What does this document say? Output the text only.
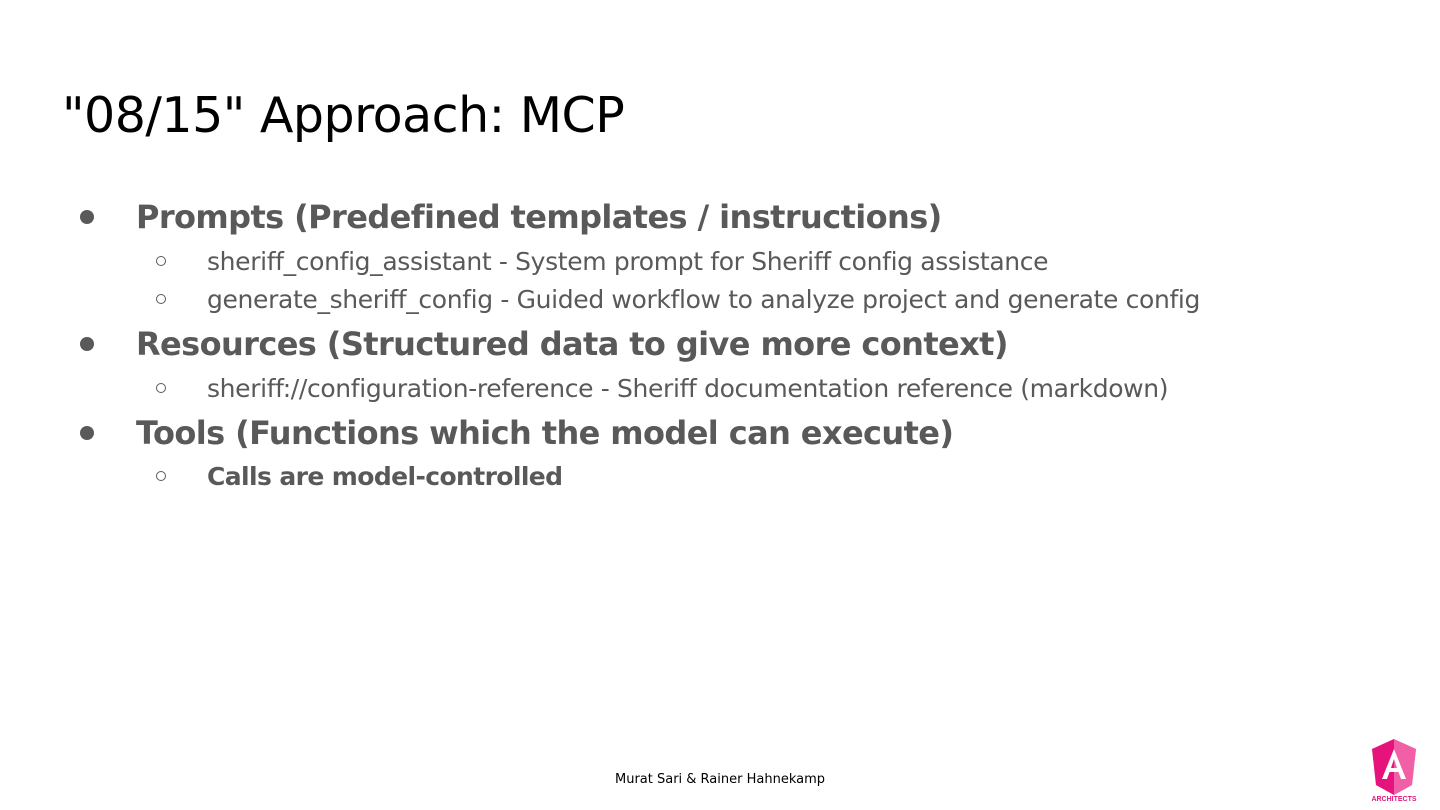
"08/15" Approach: MCP
Prompts (Predefined templates / instructions)
sheriff_config_assistant - System prompt for Sheriff config assistance
generate_sheriff_config - Guided workflow to analyze project and generate config
Resources (Structured data to give more context)
sheriff://configuration-reference - Sheriff documentation reference (markdown)
Tools (Functions which the model can execute)
Calls are model-controlled
Murat Sari & Rainer Hahnekamp
ARCHITECTS
